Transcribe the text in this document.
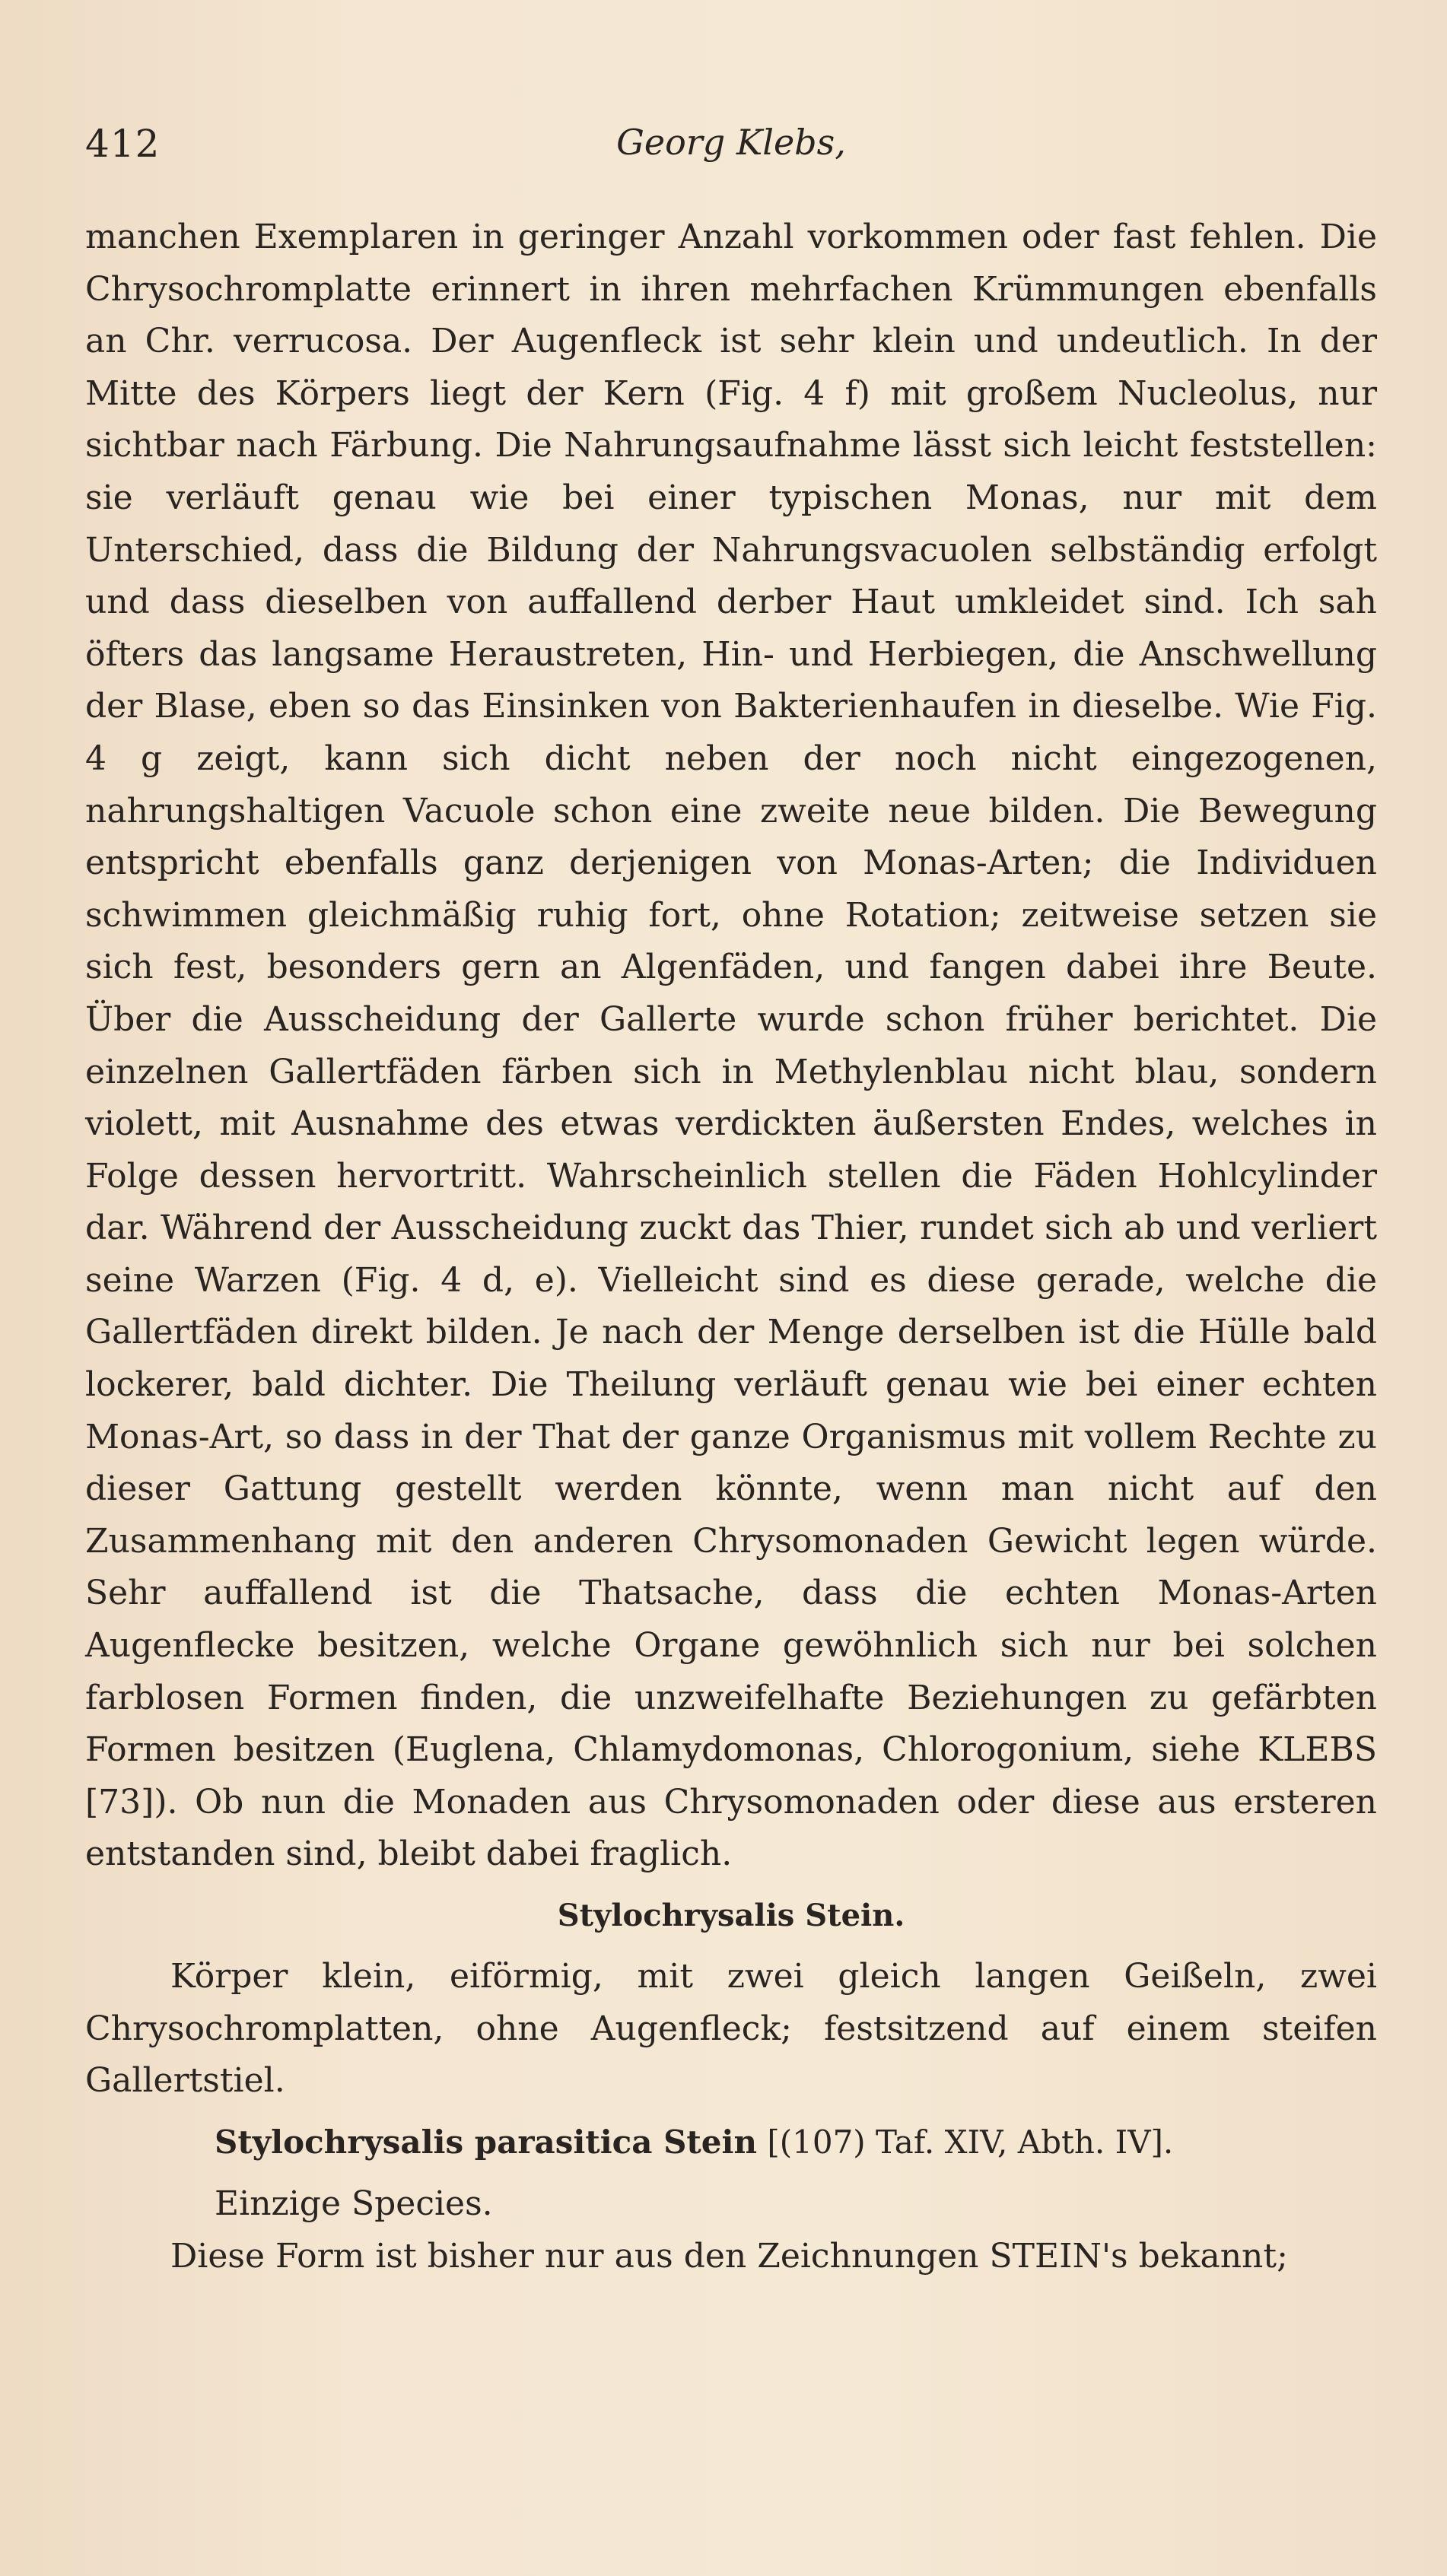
412	Georg Klebs,

manchen Exemplaren in geringer Anzahl vorkommen oder fast fehlen. Die Chrysochromplatte erinnert in ihren mehrfachen Krümmungen ebenfalls an Chr. verrucosa. Der Augenfleck ist sehr klein und undeutlich. In der Mitte des Körpers liegt der Kern (Fig. 4 f) mit großem Nucleolus, nur sichtbar nach Färbung. Die Nahrungsaufnahme lässt sich leicht feststellen: sie verläuft genau wie bei einer typischen Monas, nur mit dem Unterschied, dass die Bildung der Nahrungsvacuolen selbständig erfolgt und dass dieselben von auffallend derber Haut umkleidet sind. Ich sah öfters das langsame Heraustreten, Hin- und Herbiegen, die Anschwellung der Blase, eben so das Einsinken von Bakterienhaufen in dieselbe. Wie Fig. 4 g zeigt, kann sich dicht neben der noch nicht eingezogenen, nahrungshaltigen Vacuole schon eine zweite neue bilden. Die Bewegung entspricht ebenfalls ganz derjenigen von Monas-Arten; die Individuen schwimmen gleichmäßig ruhig fort, ohne Rotation; zeitweise setzen sie sich fest, besonders gern an Algenfäden, und fangen dabei ihre Beute. Über die Ausscheidung der Gallerte wurde schon früher berichtet. Die einzelnen Gallertfäden färben sich in Methylenblau nicht blau, sondern violett, mit Ausnahme des etwas verdickten äußersten Endes, welches in Folge dessen hervortritt. Wahrscheinlich stellen die Fäden Hohlcylinder dar. Während der Ausscheidung zuckt das Thier, rundet sich ab und verliert seine Warzen (Fig. 4 d, e). Vielleicht sind es diese gerade, welche die Gallertfäden direkt bilden. Je nach der Menge derselben ist die Hülle bald lockerer, bald dichter. Die Theilung verläuft genau wie bei einer echten Monas-Art, so dass in der That der ganze Organismus mit vollem Rechte zu dieser Gattung gestellt werden könnte, wenn man nicht auf den Zusammenhang mit den anderen Chrysomonaden Gewicht legen würde. Sehr auffallend ist die Thatsache, dass die echten Monas-Arten Augenflecke besitzen, welche Organe gewöhnlich sich nur bei solchen farblosen Formen finden, die unzweifelhafte Beziehungen zu gefärbten Formen besitzen (Euglena, Chlamydomonas, Chlorogonium, siehe KLEBS [73]). Ob nun die Monaden aus Chrysomonaden oder diese aus ersteren entstanden sind, bleibt dabei fraglich.

Stylochrysalis Stein.

Körper klein, eiförmig, mit zwei gleich langen Geißeln, zwei Chrysochromplatten, ohne Augenfleck; festsitzend auf einem steifen Gallertstiel.

Stylochrysalis parasitica Stein [(107) Taf. XIV, Abth. IV].

Einzige Species.

Diese Form ist bisher nur aus den Zeichnungen STEIN's bekannt;
